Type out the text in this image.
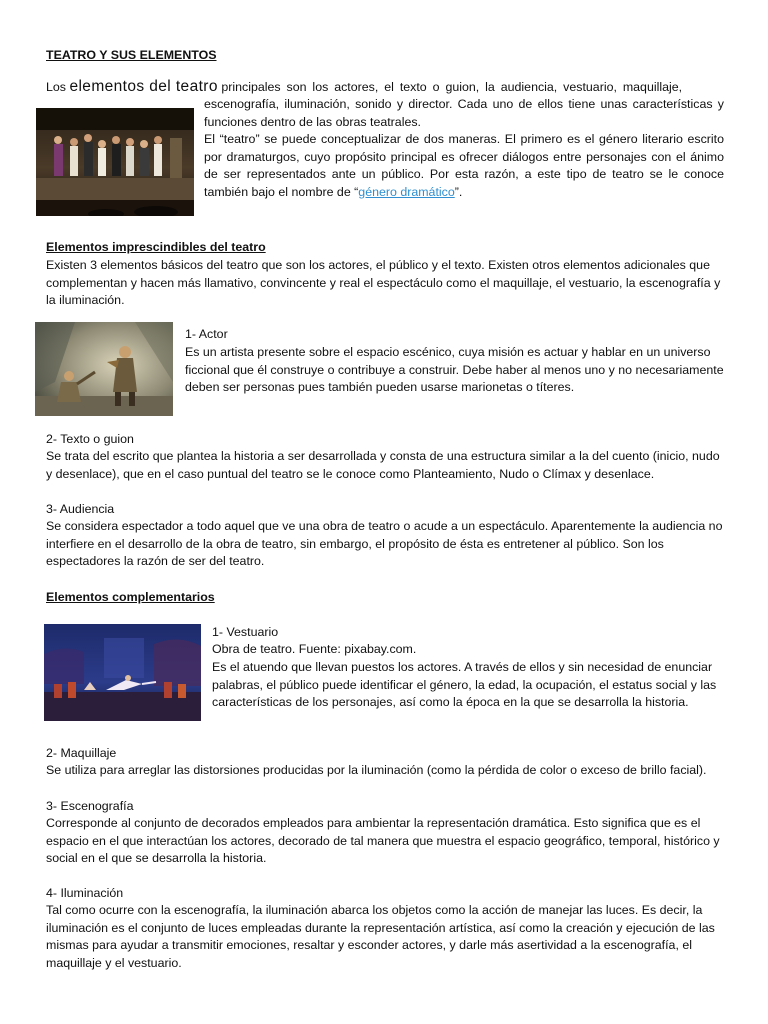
TEATRO Y SUS ELEMENTOS
Los elementos del teatro principales son los actores, el texto o guion, la audiencia, vestuario, maquillaje,
escenografía, iluminación, sonido y director. Cada uno de ellos tiene unas características y funciones dentro de las obras teatrales.
El “teatro” se puede conceptualizar de dos maneras. El primero es el género literario escrito por dramaturgos, cuyo propósito principal es ofrecer diálogos entre personajes con el ánimo de ser representados ante un público. Por esta razón, a este tipo de teatro se le conoce también bajo el nombre de “género dramático”.
Elementos imprescindibles del teatro
Existen 3 elementos básicos del teatro que son los actores, el público y el texto. Existen otros elementos adicionales que complementan y hacen más llamativo, convincente y real el espectáculo como el maquillaje, el vestuario, la escenografía y la iluminación.
1- Actor
Es un artista presente sobre el espacio escénico, cuya misión es actuar y hablar en un universo ficcional que él construye o contribuye a construir. Debe haber al menos uno y no necesariamente deben ser personas pues también pueden usarse marionetas o títeres.
2- Texto o guion
Se trata del escrito que plantea la historia a ser desarrollada y consta de una estructura similar a la del cuento (inicio, nudo y desenlace), que en el caso puntual del teatro se le conoce como Planteamiento, Nudo o Clímax y desenlace.
3- Audiencia
Se considera espectador a todo aquel que ve una obra de teatro o acude a un espectáculo. Aparentemente la audiencia no interfiere en el desarrollo de la obra de teatro, sin embargo, el propósito de ésta es entretener al público. Son los espectadores la razón de ser del teatro.
Elementos complementarios
1- Vestuario
Obra de teatro. Fuente: pixabay.com.
Es el atuendo que llevan puestos los actores. A través de ellos y sin necesidad de enunciar palabras, el público puede identificar el género, la edad, la ocupación, el estatus social y las características de los personajes, así como la época en la que se desarrolla la historia.
2- Maquillaje
Se utiliza para arreglar las distorsiones producidas por la iluminación (como la pérdida de color o exceso de brillo facial).
3- Escenografía
Corresponde al conjunto de decorados empleados para ambientar la representación dramática. Esto significa que es el espacio en el que interactúan los actores, decorado de tal manera que muestra el espacio geográfico, temporal, histórico y social en el que se desarrolla la historia.
4- Iluminación
Tal como ocurre con la escenografía, la iluminación abarca los objetos como la acción de manejar las luces. Es decir, la iluminación es el conjunto de luces empleadas durante la representación artística, así como la creación y ejecución de las mismas para ayudar a transmitir emociones, resaltar y esconder actores, y darle más asertividad a la escenografía, el maquillaje y el vestuario.
